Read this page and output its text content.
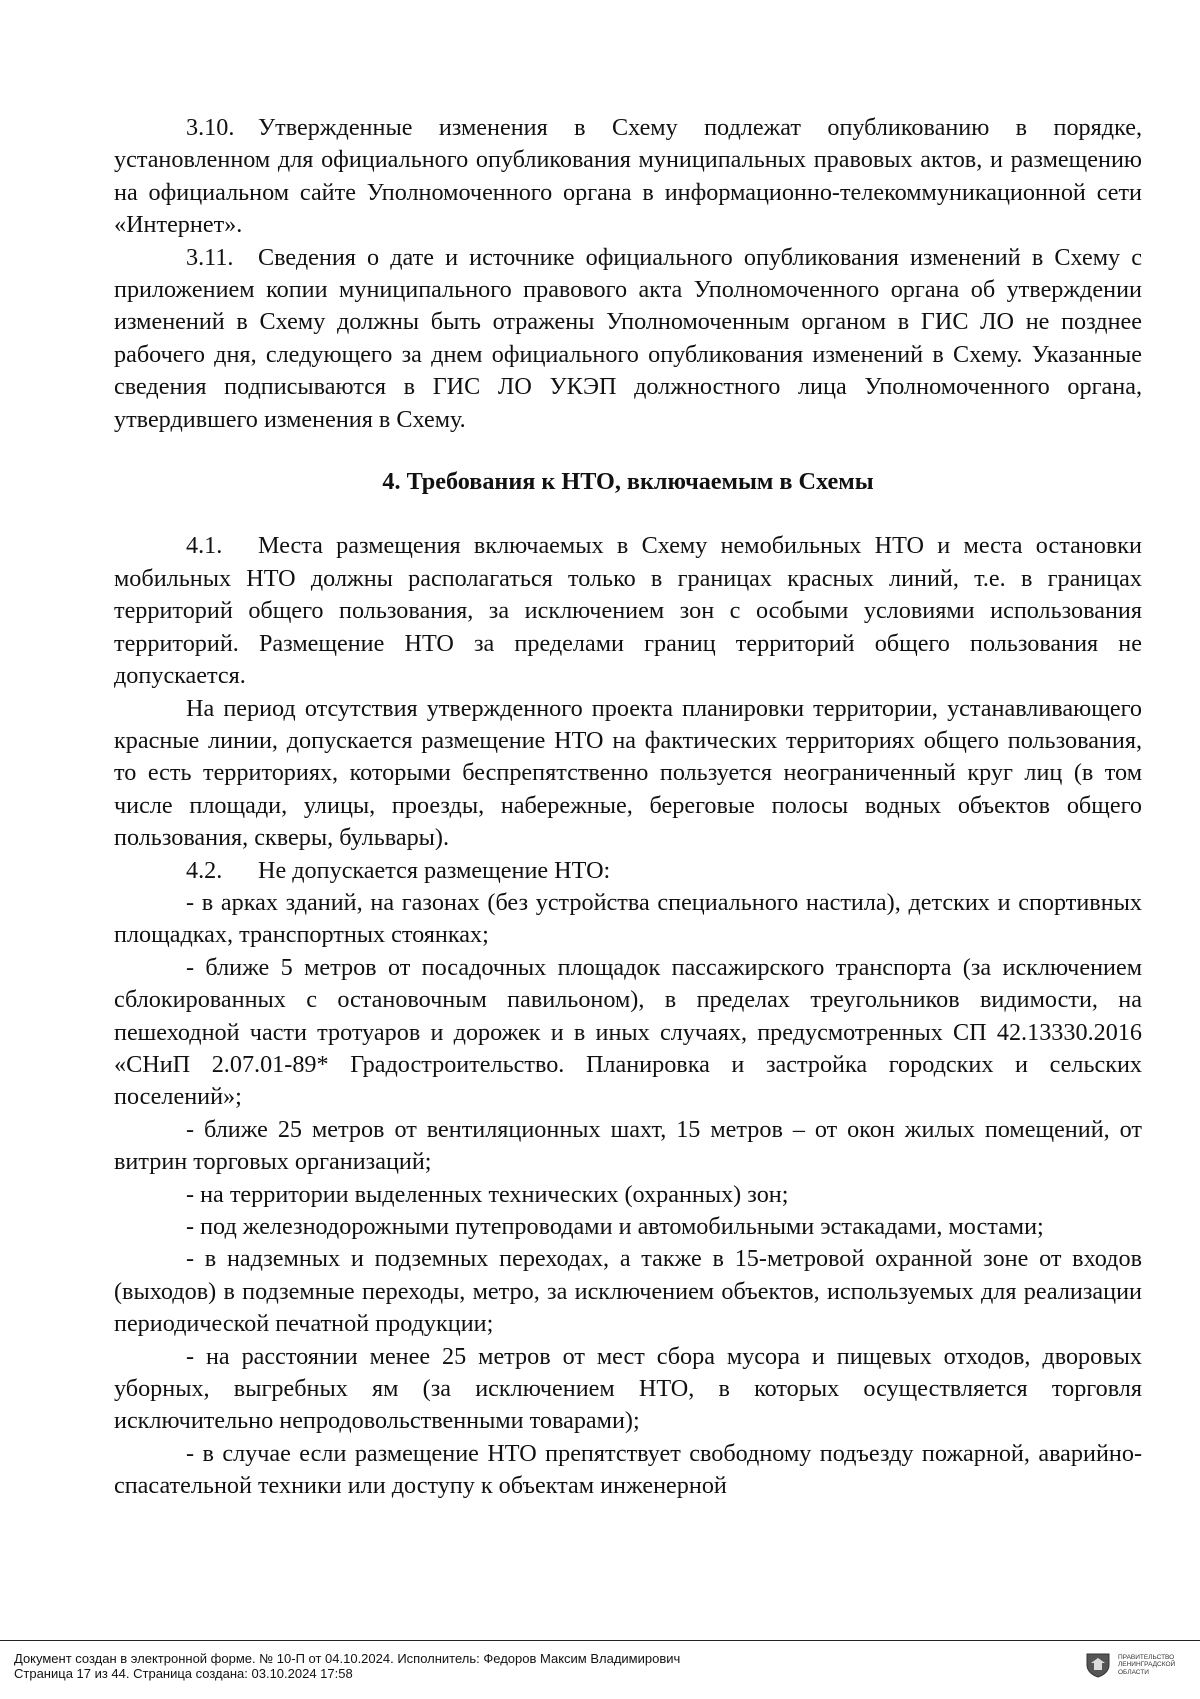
3.10. Утвержденные изменения в Схему подлежат опубликованию в порядке, установленном для официального опубликования муниципальных правовых актов, и размещению на официальном сайте Уполномоченного органа в информационно-телекоммуникационной сети «Интернет».

3.11. Сведения о дате и источнике официального опубликования изменений в Схему с приложением копии муниципального правового акта Уполномоченного органа об утверждении изменений в Схему должны быть отражены Уполномоченным органом в ГИС ЛО не позднее рабочего дня, следующего за днем официального опубликования изменений в Схему. Указанные сведения подписываются в ГИС ЛО УКЭП должностного лица Уполномоченного органа, утвердившего изменения в Схему.

4. Требования к НТО, включаемым в Схемы

4.1. Места размещения включаемых в Схему немобильных НТО и места остановки мобильных НТО должны располагаться только в границах красных линий, т.е. в границах территорий общего пользования, за исключением зон с особыми условиями использования территорий. Размещение НТО за пределами границ территорий общего пользования не допускается.

На период отсутствия утвержденного проекта планировки территории, устанавливающего красные линии, допускается размещение НТО на фактических территориях общего пользования, то есть территориях, которыми беспрепятственно пользуется неограниченный круг лиц (в том числе площади, улицы, проезды, набережные, береговые полосы водных объектов общего пользования, скверы, бульвары).

4.2. Не допускается размещение НТО:

- в арках зданий, на газонах (без устройства специального настила), детских и спортивных площадках, транспортных стоянках;

- ближе 5 метров от посадочных площадок пассажирского транспорта (за исключением сблокированных с остановочным павильоном), в пределах треугольников видимости, на пешеходной части тротуаров и дорожек и в иных случаях, предусмотренных СП 42.13330.2016 «СНиП 2.07.01-89* Градостроительство. Планировка и застройка городских и сельских поселений»;

- ближе 25 метров от вентиляционных шахт, 15 метров – от окон жилых помещений, от витрин торговых организаций;

- на территории выделенных технических (охранных) зон;

- под железнодорожными путепроводами и автомобильными эстакадами, мостами;

- в надземных и подземных переходах, а также в 15-метровой охранной зоне от входов (выходов) в подземные переходы, метро, за исключением объектов, используемых для реализации периодической печатной продукции;

- на расстоянии менее 25 метров от мест сбора мусора и пищевых отходов, дворовых уборных, выгребных ям (за исключением НТО, в которых осуществляется торговля исключительно непродовольственными товарами);

- в случае если размещение НТО препятствует свободному подъезду пожарной, аварийно-спасательной техники или доступу к объектам инженерной

Документ создан в электронной форме. № 10-П от 04.10.2024. Исполнитель: Федоров Максим Владимирович
Страница 17 из 44. Страница создана: 03.10.2024 17:58
ПРАВИТЕЛЬСТВО ЛЕНИНГРАДСКОЙ ОБЛАСТИ
